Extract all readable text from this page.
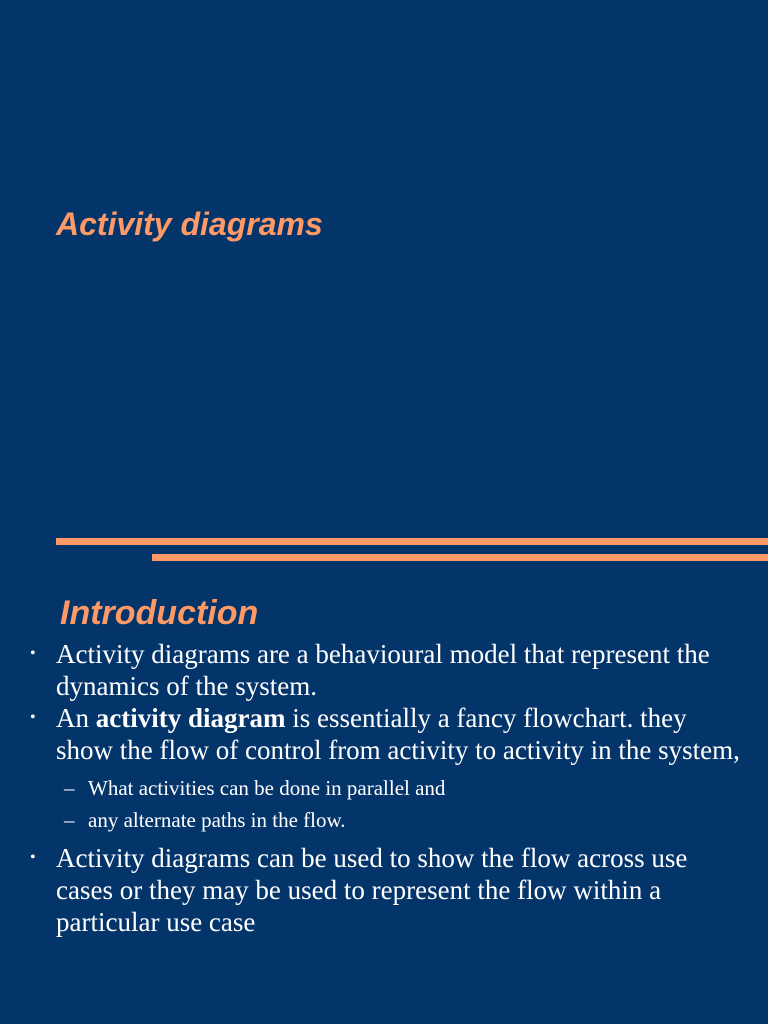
Activity diagrams
Introduction
• Activity diagrams are a behavioural model that represent the dynamics of the system.
• An activity diagram is essentially a fancy flowchart. they show the flow of control from activity to activity in the system,
– What activities can be done in parallel and
– any alternate paths in the flow.
• Activity diagrams can be used to show the flow across use cases or they may be used to represent the flow within a particular use case
